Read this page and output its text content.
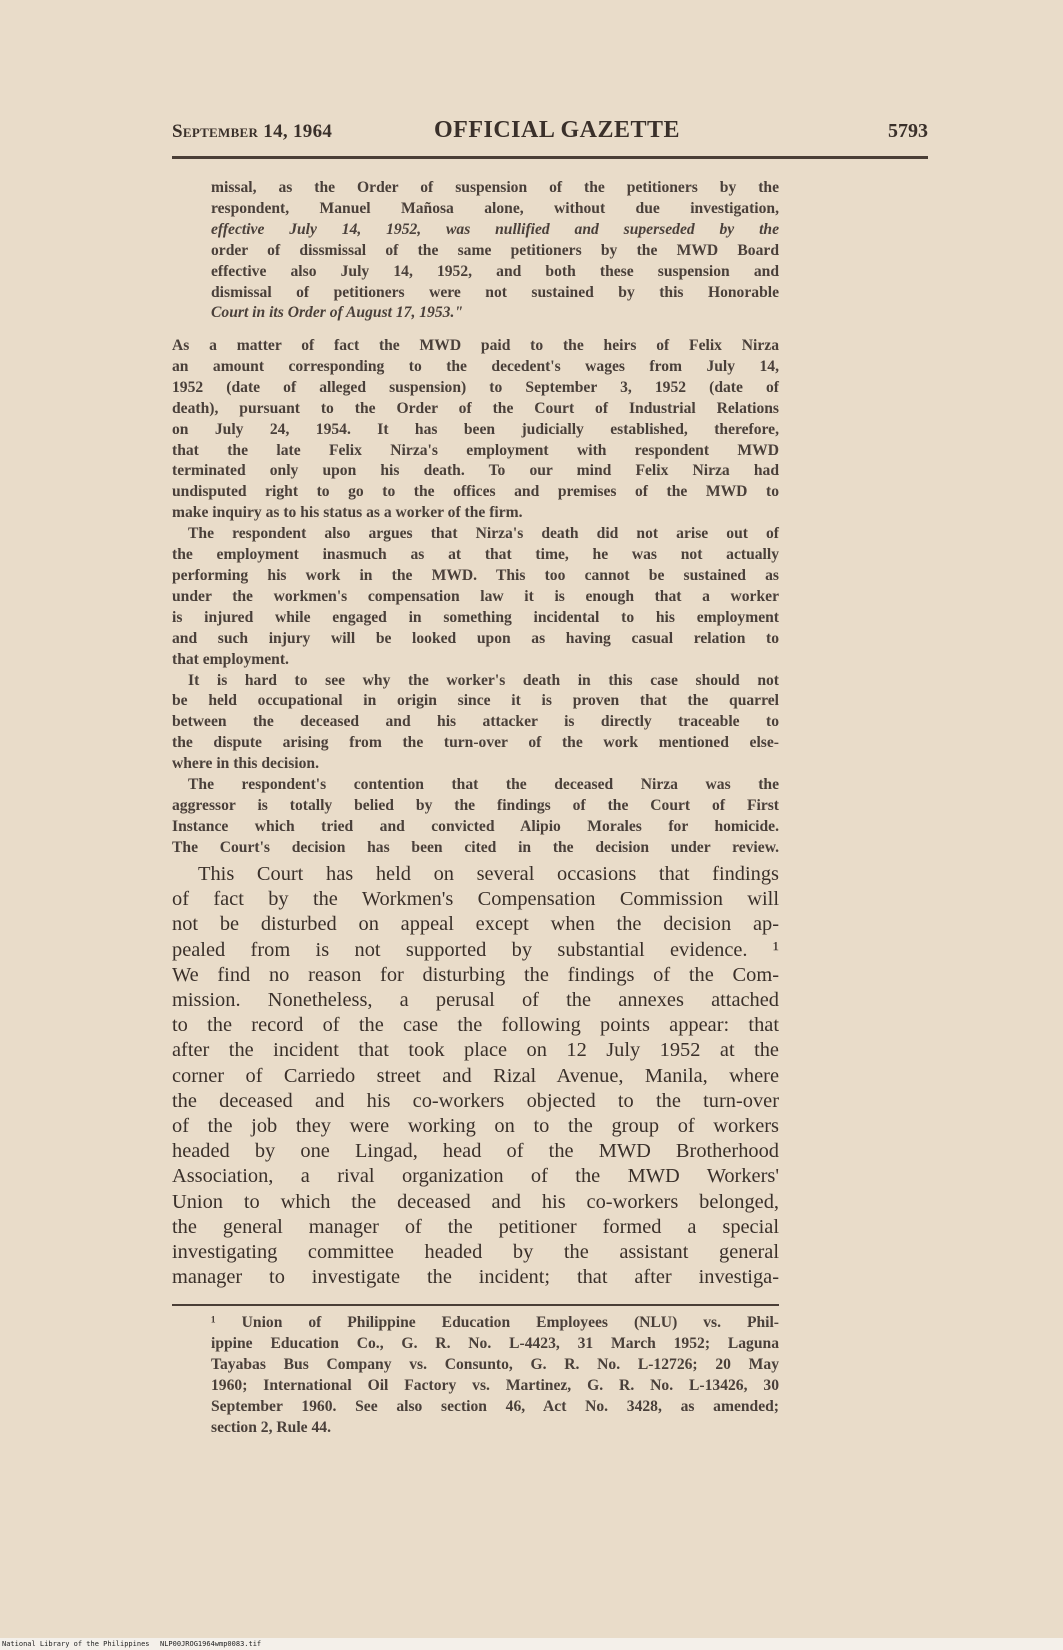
September 14, 1964	OFFICIAL GAZETTE	5793
missal, as the Order of suspension of the petitioners by the
respondent, Manuel Mañosa alone, without due investigation,
effective July 14, 1952, was nullified and superseded by the
order of dissmissal of the same petitioners by the MWD Board
effective also July 14, 1952, and both these suspension and
dismissal of petitioners were not sustained by this Honorable
Court in its Order of August 17, 1953."
As a matter of fact the MWD paid to the heirs of Felix Nirza
an amount corresponding to the decedent's wages from July 14,
1952 (date of alleged suspension) to September 3, 1952 (date of
death), pursuant to the Order of the Court of Industrial Relations
on July 24, 1954. It has been judicially established, therefore,
that the late Felix Nirza's employment with respondent MWD
terminated only upon his death. To our mind Felix Nirza had
undisputed right to go to the offices and premises of the MWD to
make inquiry as to his status as a worker of the firm.
The respondent also argues that Nirza's death did not arise out of
the employment inasmuch as at that time, he was not actually
performing his work in the MWD. This too cannot be sustained as
under the workmen's compensation law it is enough that a worker
is injured while engaged in something incidental to his employment
and such injury will be looked upon as having casual relation to
that employment.
It is hard to see why the worker's death in this case should not
be held occupational in origin since it is proven that the quarrel
between the deceased and his attacker is directly traceable to
the dispute arising from the turn-over of the work mentioned else-
where in this decision.
The respondent's contention that the deceased Nirza was the
aggressor is totally belied by the findings of the Court of First
Instance which tried and convicted Alipio Morales for homicide.
The Court's decision has been cited in the decision under review.
This Court has held on several occasions that findings
of fact by the Workmen's Compensation Commission will
not be disturbed on appeal except when the decision ap-
pealed from is not supported by substantial evidence. ¹
We find no reason for disturbing the findings of the Com-
mission. Nonetheless, a perusal of the annexes attached
to the record of the case the following points appear: that
after the incident that took place on 12 July 1952 at the
corner of Carriedo street and Rizal Avenue, Manila, where
the deceased and his co-workers objected to the turn-over
of the job they were working on to the group of workers
headed by one Lingad, head of the MWD Brotherhood
Association, a rival organization of the MWD Workers'
Union to which the deceased and his co-workers belonged,
the general manager of the petitioner formed a special
investigating committee headed by the assistant general
manager to investigate the incident; that after investiga-
¹ Union of Philippine Education Employees (NLU) vs. Phil-
ippine Education Co., G. R. No. L-4423, 31 March 1952; Laguna
Tayabas Bus Company vs. Consunto, G. R. No. L-12726; 20 May
1960; International Oil Factory vs. Martinez, G. R. No. L-13426, 30
September 1960. See also section 46, Act No. 3428, as amended;
section 2, Rule 44.
National Library of the Philippines NLP00JROG1964wmp0083.tif
